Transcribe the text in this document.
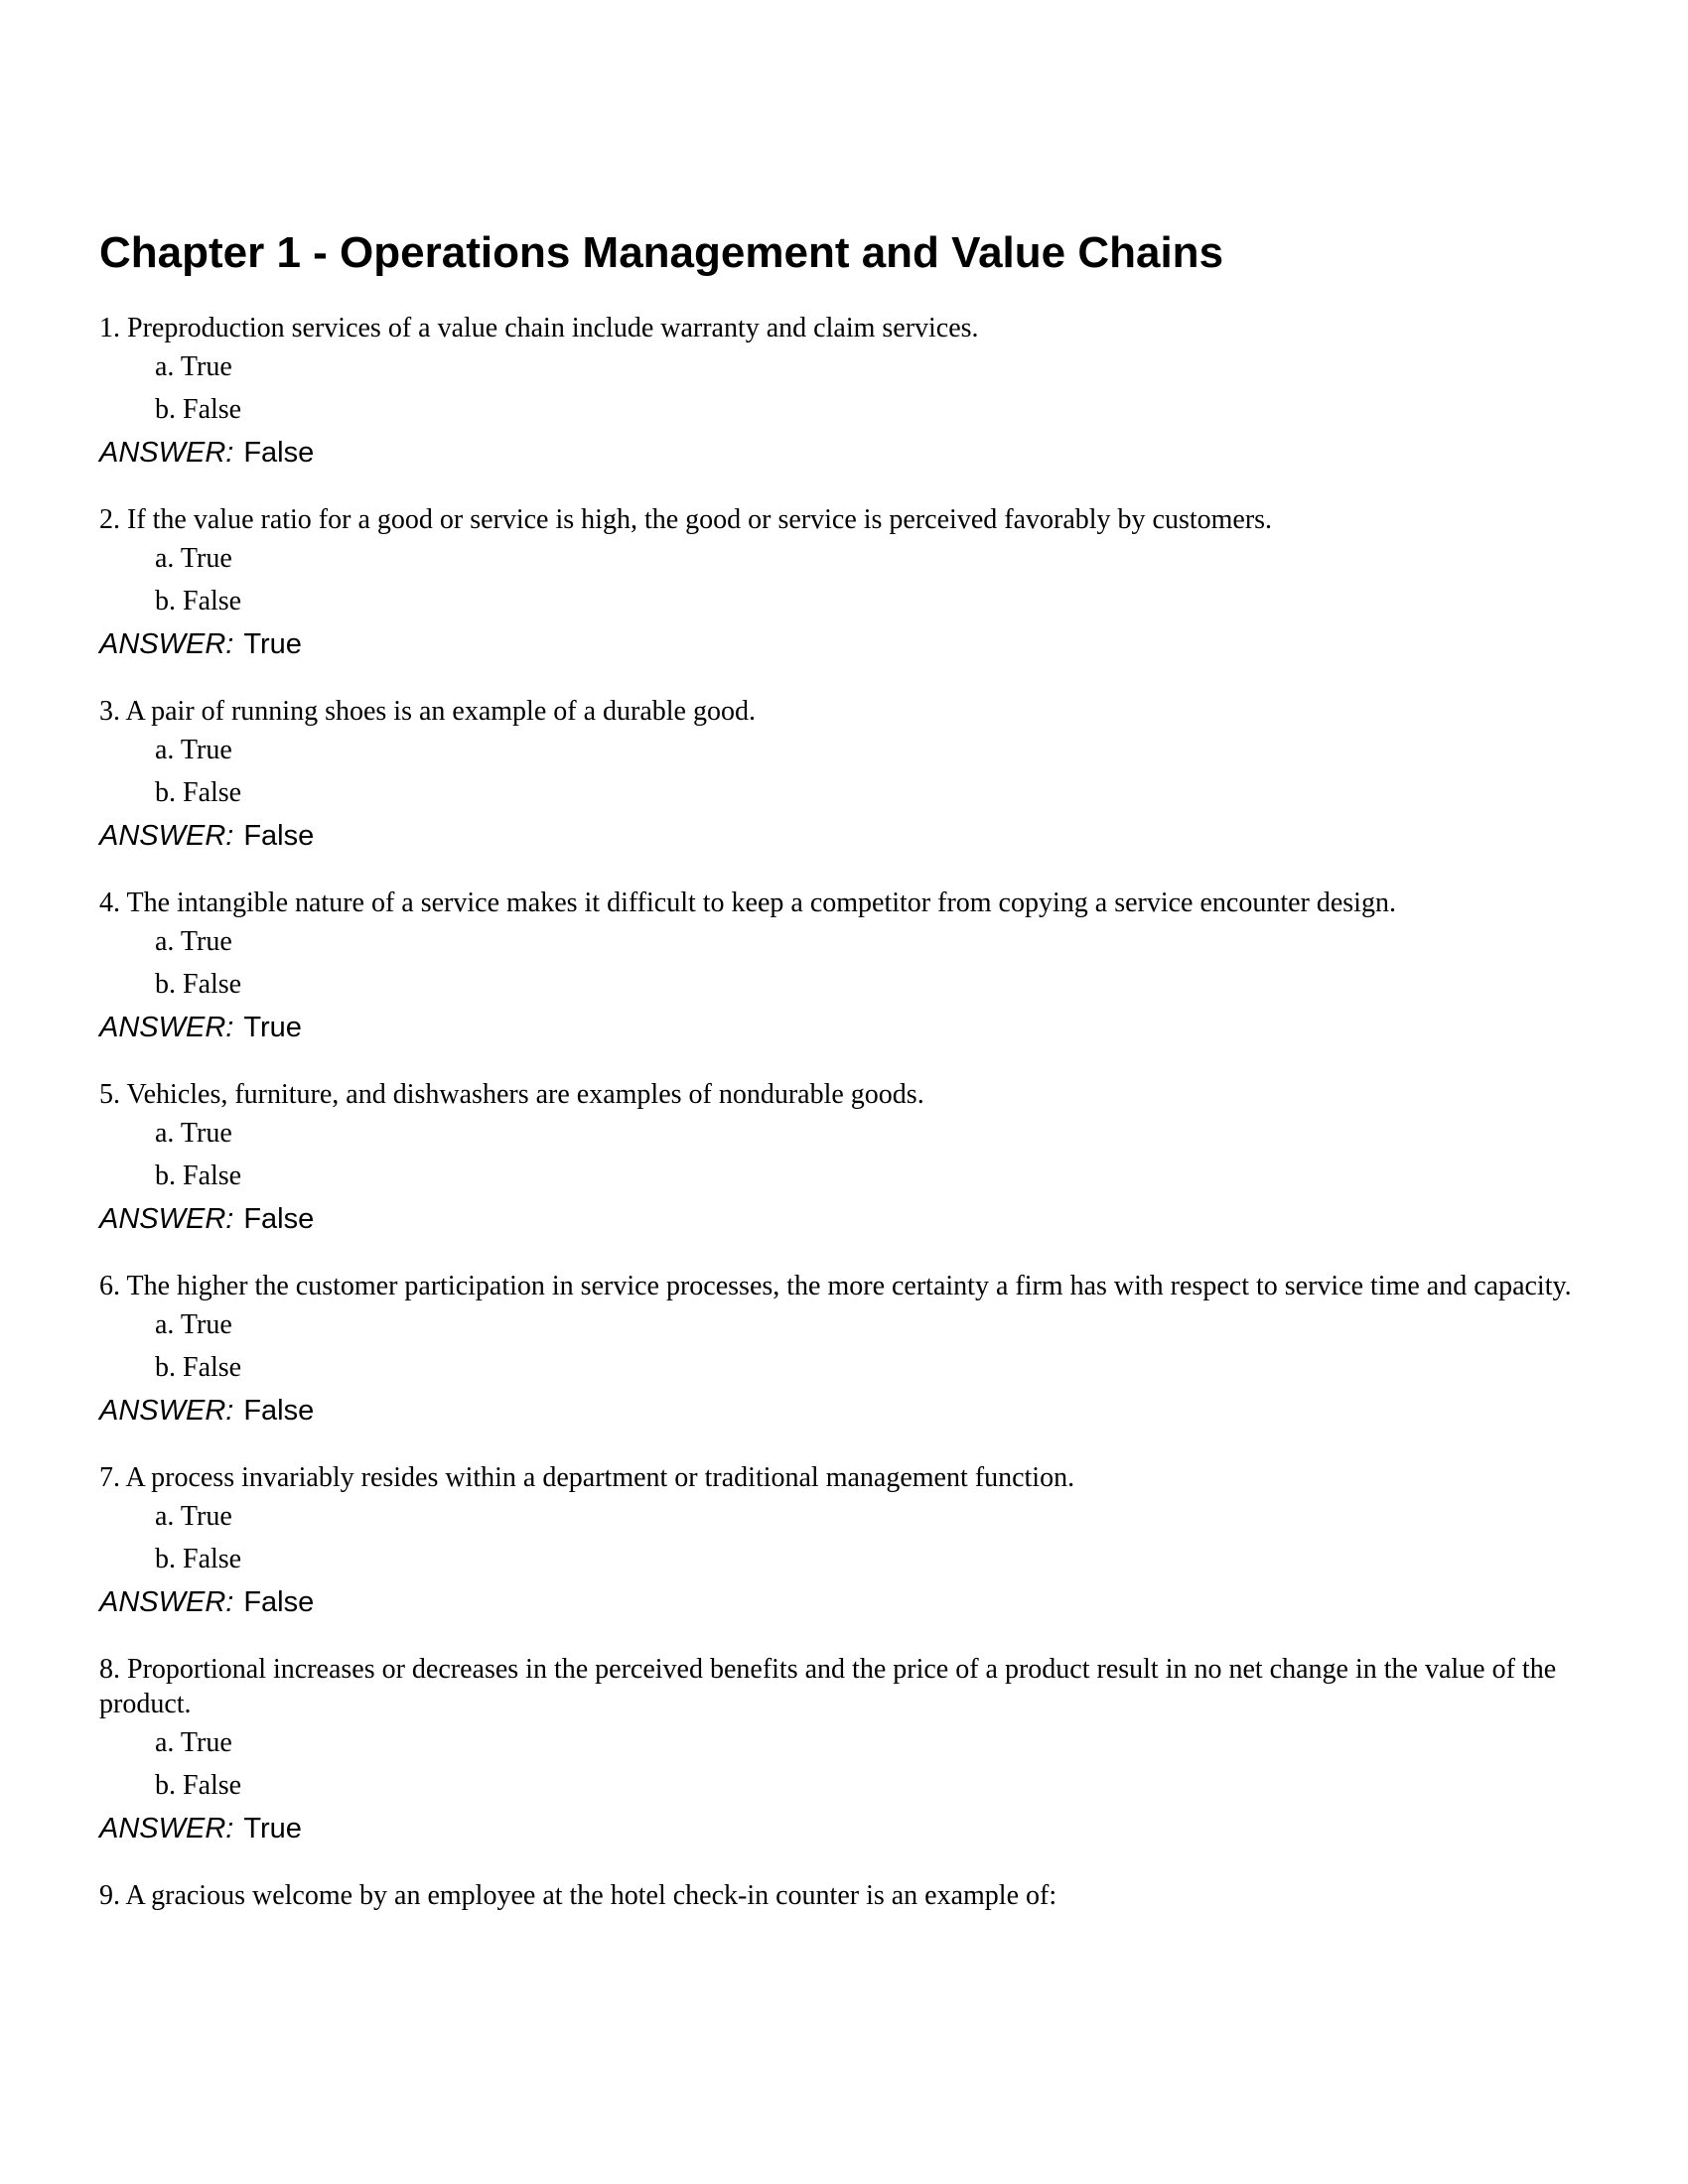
Chapter 1 - Operations Management and Value Chains

1. Preproduction services of a value chain include warranty and claim services.

a. True
b. False

ANSWER: False

2. If the value ratio for a good or service is high, the good or service is perceived favorably by customers.

a. True
b. False

ANSWER: True

3. A pair of running shoes is an example of a durable good.

a. True
b. False

ANSWER: False

4. The intangible nature of a service makes it difficult to keep a competitor from copying a service encounter design.

a. True
b. False

ANSWER: True

5. Vehicles, furniture, and dishwashers are examples of nondurable goods.

a. True
b. False

ANSWER: False

6. The higher the customer participation in service processes, the more certainty a firm has with respect to service time and capacity.

a. True
b. False

ANSWER: False

7. A process invariably resides within a department or traditional management function.

a. True
b. False

ANSWER: False

8. Proportional increases or decreases in the perceived benefits and the price of a product result in no net change in the value of the product.

a. True
b. False

ANSWER: True

9. A gracious welcome by an employee at the hotel check-in counter is an example of:
